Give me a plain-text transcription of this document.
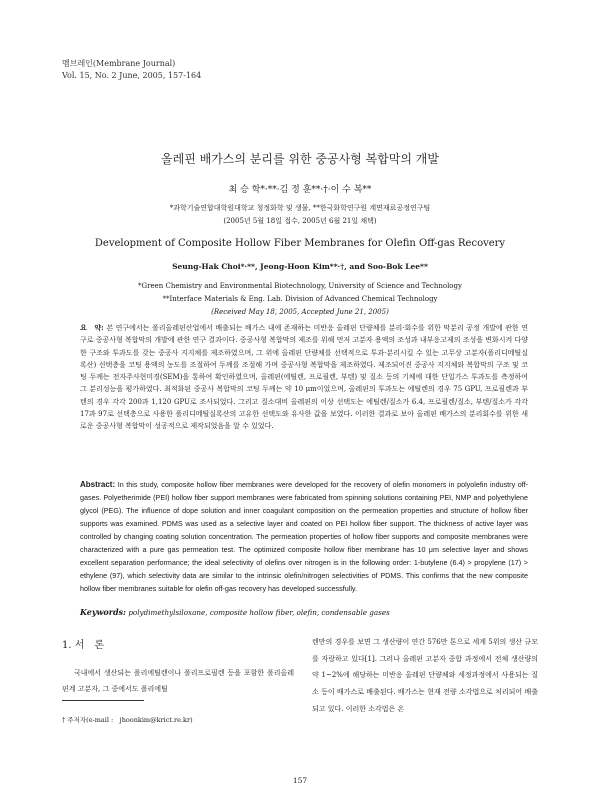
멤브레인(Membrane Journal)
Vol. 15, No. 2 June, 2005, 157-164
올레핀 배가스의 분리를 위한 중공사형 복합막의 개발
최 승 학*·**·김 정 훈**·†·이 수 복**
*과학기술연합대학원대학교 청정화학 및 생물, **한국화학연구원 계면재료공정연구팀
(2005년 5월 18일 접수, 2005년 6월 21일 채택)
Development of Composite Hollow Fiber Membranes for Olefin Off-gas Recovery
Seung-Hak Choi*·**, Jeong-Hoon Kim**·†, and Soo-Bok Lee**
*Green Chemistry and Environmental Biotechnology, University of Science and Technology
**Interface Materials & Eng. Lab. Division of Advanced Chemical Technology
(Received May 18, 2005, Accepted June 21, 2005)
요　약: 본 연구에서는 폴리올레핀산업에서 배출되는 배가스 내에 존재하는 미반응 올레핀 단량체를 분리·회수를 위한 막분리 공정 개발에 관한 연구로 중공사형 복합막의 개발에 관한 연구 결과이다. 중공사형 복합막의 제조를 위해 먼저 고분자 용액의 조성과 내부응고제의 조성을 변화시켜 다양한 구조와 투과도를 갖는 중공사 지지체를 제조하였으며, 그 위에 올레핀 단량체를 선택적으로 투과·분리시킬 수 있는 고무상 고분자(폴리디메틸실록산) 선택층을 코팅 용액의 농도를 조절하여 두께를 조절해 가며 중공사형 복합막을 제조하였다. 제조되어진 중공사 지지체와 복합막의 구조 및 코팅 두께는 전자주사현미경(SEM)을 통하여 확인하였으며, 올레핀(에틸렌, 프로필렌, 부텐) 및 질소 등의 기체에 대한 단일가스 투과도를 측정하여 그 분리성능을 평가하였다. 최적화된 중공사 복합막의 코팅 두께는 약 10 μm이었으며, 올레핀의 투과도는 에틸렌의 경우 75 GPU, 프로필렌과 부텐의 경우 각각 200과 1,120 GPU로 조사되었다. 그리고 질소대비 올레핀의 이상 선택도는 에틸렌/질소가 6.4, 프로필렌/질소, 부텐/질소가 각각 17과 97로 선택층으로 사용한 폴리디메틸실록산의 고유한 선택도와 유사한 값을 보였다. 이러한 결과로 보아 올레핀 배가스의 분리회수를 위한 새로운 중공사형 복합막이 성공적으로 제작되었음을 알 수 있었다.
Abstract: In this study, composite hollow fiber membranes were developed for the recovery of olefin monomers in polyolefin industry off-gases. Polyetherimide (PEI) hollow fiber support membranes were fabricated from spinning solutions containing PEI, NMP and polyethylene glycol (PEG). The influence of dope solution and inner coagulant composition on the permeation properties and structure of hollow fiber supports was examined. PDMS was used as a selective layer and coated on PEI hollow fiber support. The thickness of active layer was controlled by changing coating solution concentration. The permeation properties of hollow fiber supports and composite membranes were characterized with a pure gas permeation test. The optimized composite hollow fiber membrane has 10 μm selective layer and shows excellent separation performance; the ideal selectivity of olefins over nitrogen is in the following order: 1-butylene (6.4) > propylene (17) > ethylene (97), which selectivity data are similar to the intrinsic olefin/nitrogen selectivities of PDMS. This confirms that the new composite hollow fiber membranes suitable for olefin off-gas recovery has developed successfully.
Keywords: polydimethylsiloxane, composite hollow fiber, olefin, condensable gases
1. 서　론

국내에서 생산되는 폴리에틸렌이나 폴리프로필렌 등을 포함한 폴리올레핀계 고분자, 그 중에서도 폴리에틸

† 주저자(e-mail :　jhoonkim@krict.re.kr)

렌만의 경우를 보면 그 생산량이 연간 576만 톤으로 세계 5위의 생산 규모를 자랑하고 있다[1]. 그러나 올레핀 고분자 중합 과정에서 전체 생산량의 약 1~2%에 해당하는 미반응 올레핀 단량체와 세정과정에서 사용되는 질소 등이 배가스로 배출된다. 배가스는 현재 전량 소각법으로 처리되어 배출되고 있다. 이러한 소각법은 온

157
